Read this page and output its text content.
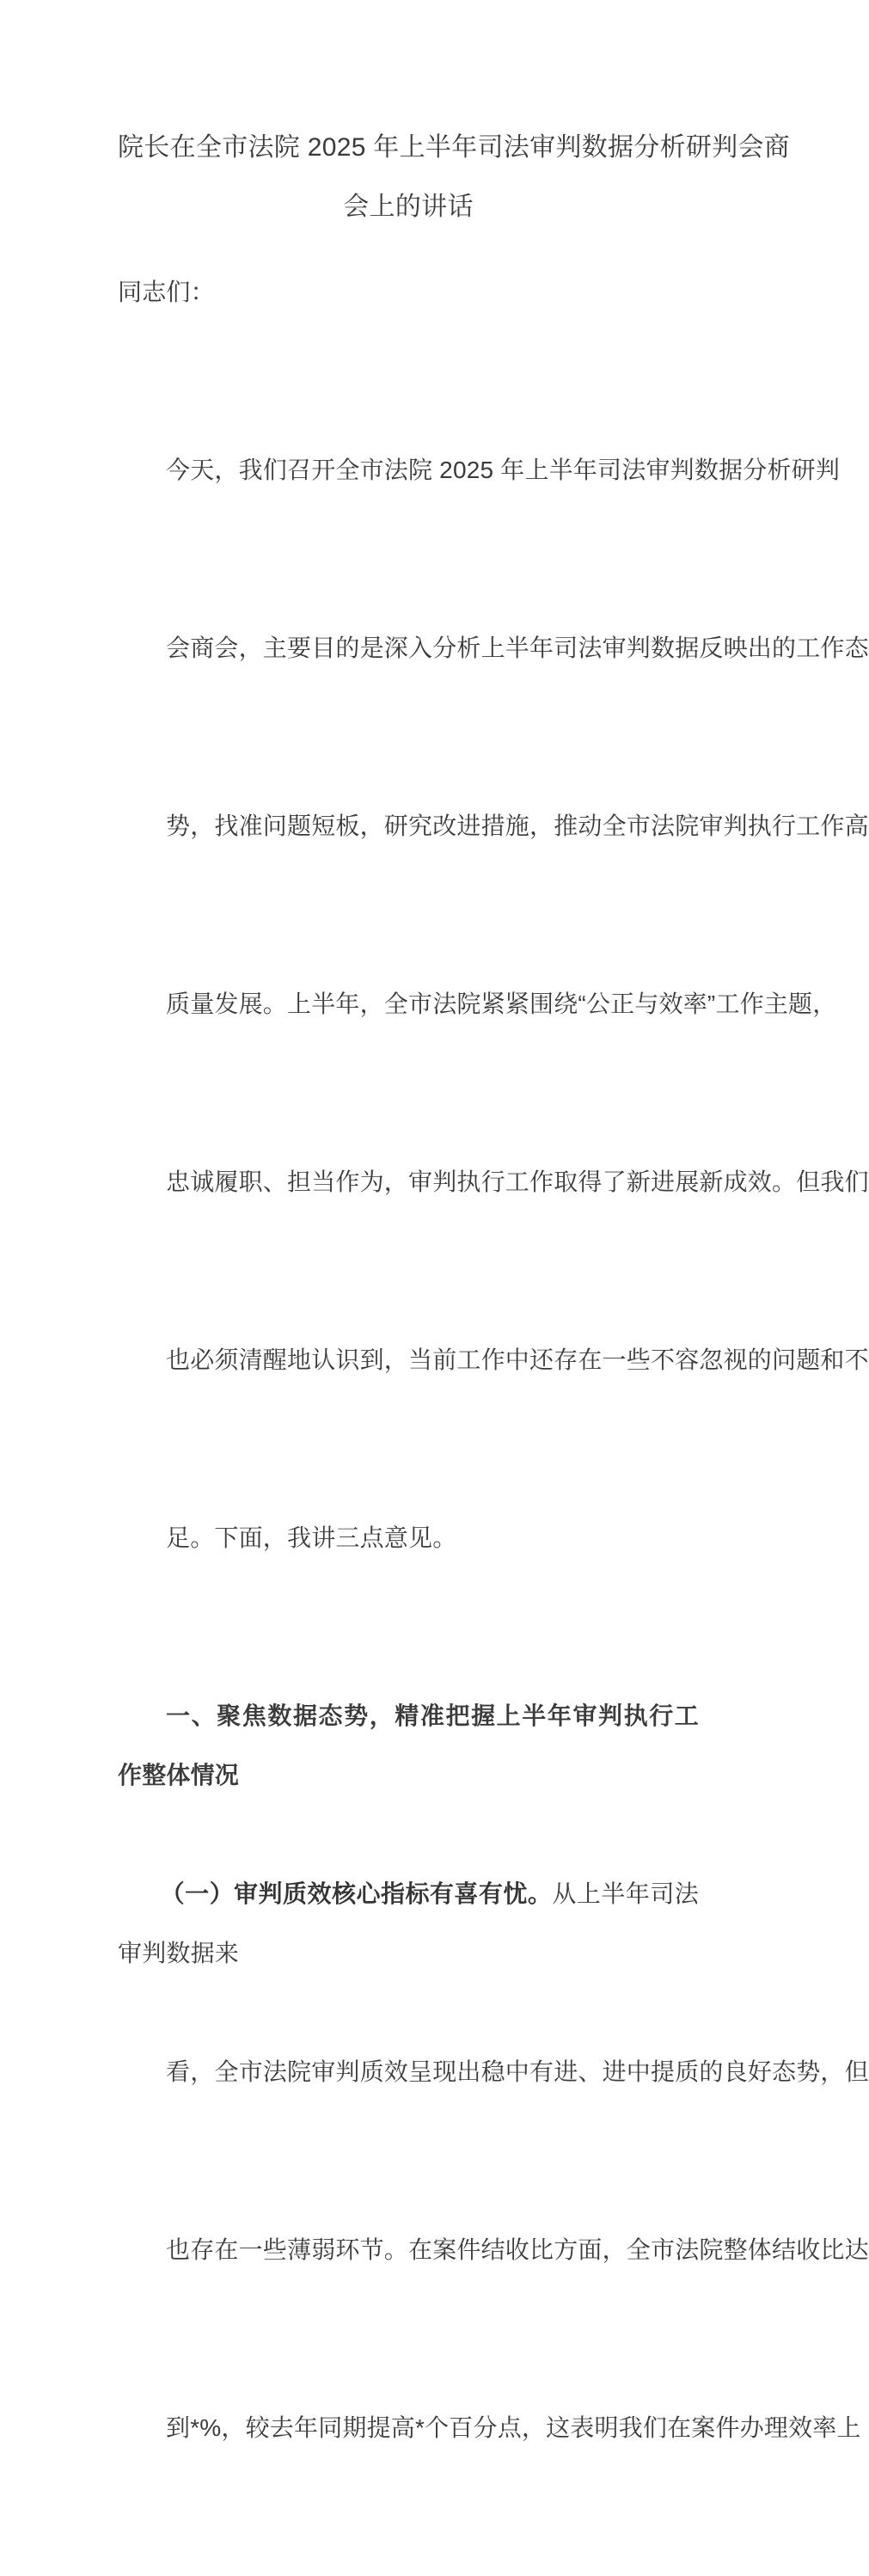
院长在全市法院 2025 年上半年司法审判数据分析研判会商
会上的讲话

同志们：

今天，我们召开全市法院 2025 年上半年司法审判数据分析研判

会商会，主要目的是深入分析上半年司法审判数据反映出的工作态

势，找准问题短板，研究改进措施，推动全市法院审判执行工作高

质量发展。上半年，全市法院紧紧围绕“公正与效率”工作主题，

忠诚履职、担当作为，审判执行工作取得了新进展新成效。但我们

也必须清醒地认识到，当前工作中还存在一些不容忽视的问题和不

足。下面，我讲三点意见。

一、聚焦数据态势，精准把握上半年审判执行工作整体情况

（一）审判质效核心指标有喜有忧。从上半年司法审判数据来

看，全市法院审判质效呈现出稳中有进、进中提质的良好态势，但

也存在一些薄弱环节。在案件结收比方面，全市法院整体结收比达

到*%，较去年同期提高*个百分点，这表明我们在案件办理效率上
